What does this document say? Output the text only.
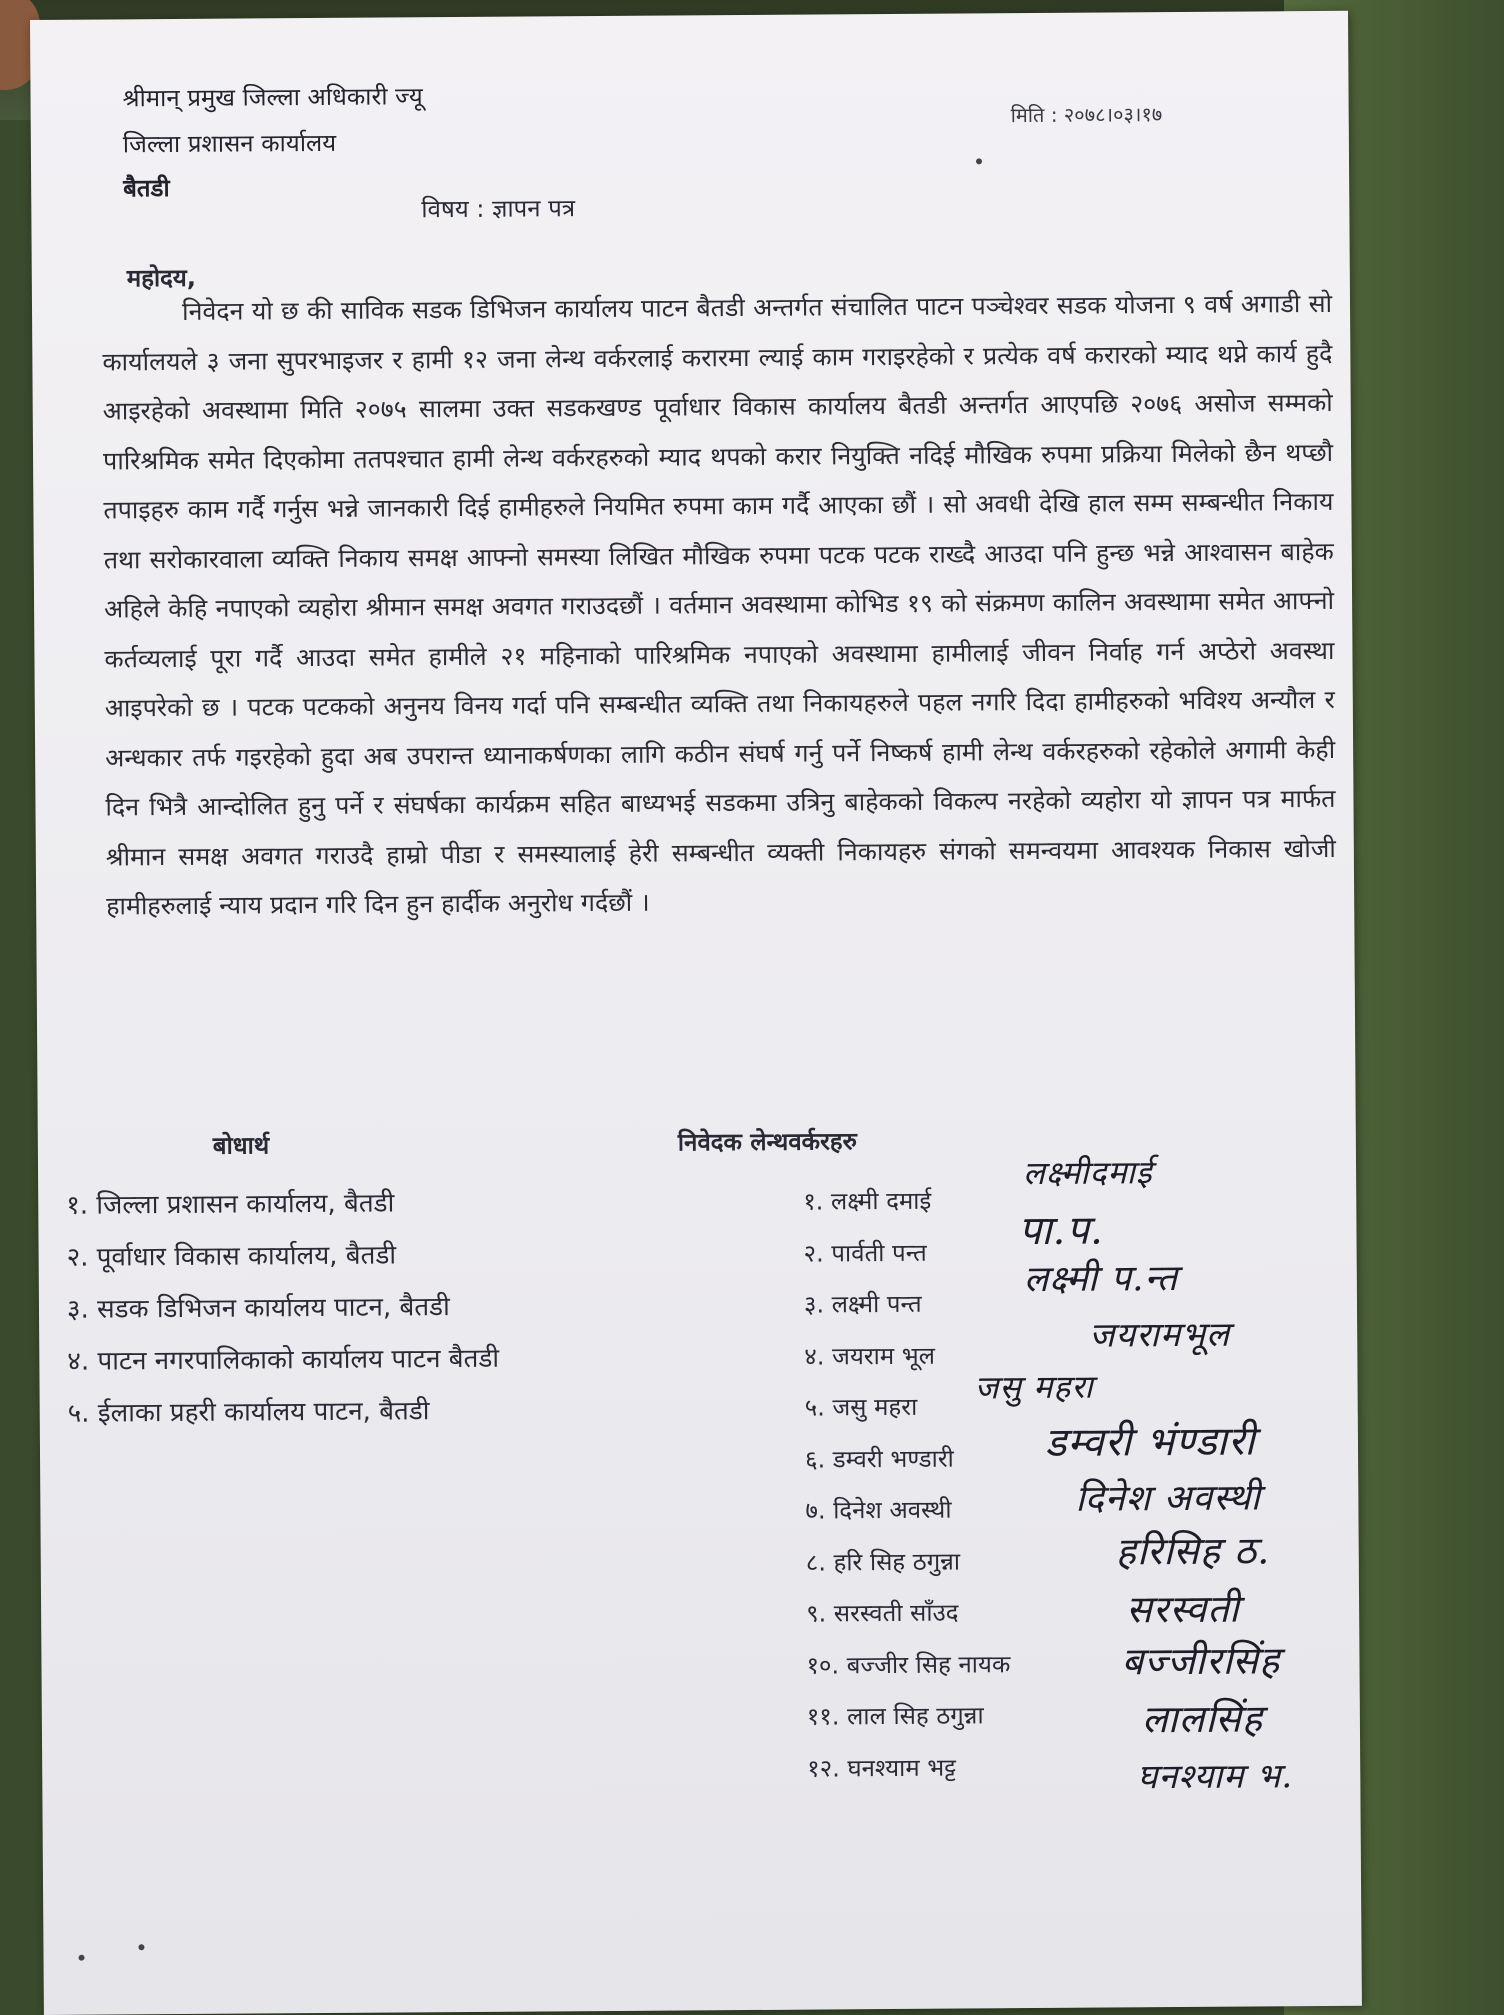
श्रीमान् प्रमुख जिल्ला अधिकारी ज्यू
जिल्ला प्रशासन कार्यालय
बैतडी
मिति : २०७८।०३।१७
विषय : ज्ञापन पत्र
महोदय,

निवेदन यो छ की साविक सडक डिभिजन कार्यालय पाटन बैतडी अन्तर्गत संचालित पाटन पञ्चेश्वर सडक योजना ९ वर्ष अगाडी सो कार्यालयले ३ जना सुपरभाइजर र हामी १२ जना लेन्थ वर्करलाई करारमा ल्याई काम गराइरहेको र प्रत्येक वर्ष करारको म्याद थप्ने कार्य हुदै आइरहेको अवस्थामा मिति २०७५ सालमा उक्त सडकखण्ड पूर्वाधार विकास कार्यालय बैतडी अन्तर्गत आएपछि २०७६ असोज सम्मको पारिश्रमिक समेत दिएकोमा ततपश्चात हामी लेन्थ वर्करहरुको म्याद थपको करार नियुक्ति नदिई मौखिक रुपमा प्रक्रिया मिलेको छैन थप्छौ तपाइहरु काम गर्दै गर्नुस भन्ने जानकारी दिई हामीहरुले नियमित रुपमा काम गर्दै आएका छौं । सो अवधी देखि हाल सम्म सम्बन्धीत निकाय तथा सरोकारवाला व्यक्ति निकाय समक्ष आफ्नो समस्या लिखित मौखिक रुपमा पटक पटक राख्दै आउदा पनि हुन्छ भन्ने आश्वासन बाहेक अहिले केहि नपाएको व्यहोरा श्रीमान समक्ष अवगत गराउदछौं । वर्तमान अवस्थामा कोभिड १९ को संक्रमण कालिन अवस्थामा समेत आफ्नो कर्तव्यलाई पूरा गर्दै आउदा समेत हामीले २१ महिनाको पारिश्रमिक नपाएको अवस्थामा हामीलाई जीवन निर्वाह गर्न अप्ठेरो अवस्था आइपरेको छ । पटक पटकको अनुनय विनय गर्दा पनि सम्बन्धीत व्यक्ति तथा निकायहरुले पहल नगरि दिदा हामीहरुको भविश्य अन्यौल र अन्धकार तर्फ गइरहेको हुदा अब उपरान्त ध्यानाकर्षणका लागि कठीन संघर्ष गर्नु पर्ने निष्कर्ष हामी लेन्थ वर्करहरुको रहेकोले अगामी केही दिन भित्रै आन्दोलित हुनु पर्ने र संघर्षका कार्यक्रम सहित बाध्यभई सडकमा उत्रिनु बाहेकको विकल्प नरहेको व्यहोरा यो ज्ञापन पत्र मार्फत श्रीमान समक्ष अवगत गराउदै हाम्रो पीडा र समस्यालाई हेरी सम्बन्धीत व्यक्ती निकायहरु संगको समन्वयमा आवश्यक निकास खोजी हामीहरुलाई न्याय प्रदान गरि दिन हुन हार्दीक अनुरोध गर्दछौं ।

बोधार्थ
१. जिल्ला प्रशासन कार्यालय, बैतडी
२. पूर्वाधार विकास कार्यालय, बैतडी
३. सडक डिभिजन कार्यालय पाटन, बैतडी
४. पाटन नगरपालिकाको कार्यालय पाटन बैतडी
५. ईलाका प्रहरी कार्यालय पाटन, बैतडी
निवेदक लेन्थवर्करहरु
१. लक्ष्मी दमाई
२. पार्वती पन्त
३. लक्ष्मी पन्त
४. जयराम भूल
५. जसु महरा
६. डम्वरी भण्डारी
७. दिनेश अवस्थी
८. हरि सिह ठगुन्ना
९. सरस्वती साँउद
१०. बज्जीर सिह नायक
११. लाल सिह ठगुन्ना
१२. घनश्याम भट्ट
लक्ष्मीदमाई
पा.प.
लक्ष्मी प.न्त
जयरामभूल
जसु महरा
डम्वरी भंण्डारी
दिनेश अवस्थी
हरिसिह ठ.
सरस्वती
बज्जीरसिंह
लालसिंह
घनश्याम भ.
